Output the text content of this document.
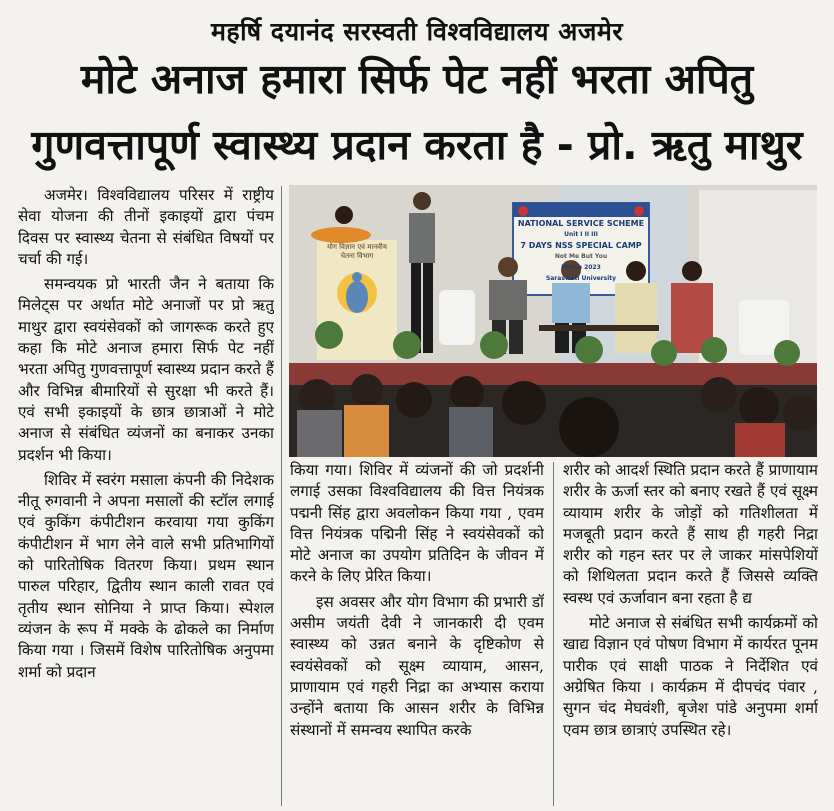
महर्षि दयानंद सरस्वती विश्वविद्यालय अजमेर
मोटे अनाज हमारा सिर्फ पेट नहीं भरता अपितु
गुणवत्तापूर्ण स्वास्थ्य प्रदान करता है - प्रो. ऋतु माथुर

अजमेर। विश्वविद्यालय परिसर में राष्ट्रीय सेवा योजना की तीनों इकाइयों द्वारा पंचम दिवस पर स्वास्थ्य चेतना से संबंधित विषयों पर चर्चा की गई।

समन्वयक प्रो भारती जैन ने बताया कि मिलेट्स पर अर्थात मोटे अनाजों पर प्रो ऋतु माथुर द्वारा स्वयंसेवकों को जागरूक करते हुए कहा कि मोटे अनाज हमारा सिर्फ पेट नहीं भरता अपितु गुणवत्तापूर्ण स्वास्थ्य प्रदान करते हैं और विभिन्न बीमारियों से सुरक्षा भी करते हैं। एवं सभी इकाइयों के छात्र छात्राओं ने मोटे अनाज से संबंधित व्यंजनों का बनाकर उनका प्रदर्शन भी किया।

शिविर में स्वरंग मसाला कंपनी की निदेशक नीतू रुगवानी ने अपना मसालों की स्टॉल लगाई एवं कुकिंग कंपीटीशन करवाया गया कुकिंग कंपीटीशन में भाग लेने वाले सभी प्रतिभागियों को पारितोषिक वितरण किया। प्रथम स्थान पारुल परिहार, द्वितीय स्थान काली रावत एवं तृतीय स्थान सोनिया ने प्राप्त किया। स्पेशल व्यंजन के रूप में मक्के के ढोकले का निर्माण किया गया । जिसमें विशेष पारितोषिक अनुपमा शर्मा को प्रदान

NATIONAL SERVICE SCHEME
Unit I II III
7 DAYS NSS SPECIAL CAMP
Not Me But You
March 2023
Saraswati University
योग विज्ञान एवं मानवीय चेतना विभाग

किया गया। शिविर में व्यंजनों की जो प्रदर्शनी लगाई उसका विश्वविद्यालय की वित्त नियंत्रक पद्मनी सिंह द्वारा अवलोकन किया गया , एवम वित्त नियंत्रक पद्मिनी सिंह ने स्वयंसेवकों को मोटे अनाज का उपयोग प्रतिदिन के जीवन में करने के लिए प्रेरित किया।

इस अवसर और योग विभाग की प्रभारी डॉ असीम जयंती देवी ने जानकारी दी एवम स्वास्थ्य को उन्नत बनाने के दृष्टिकोण से स्वयंसेवकों को सूक्ष्म व्यायाम, आसन, प्राणायाम एवं गहरी निद्रा का अभ्यास कराया उन्होंने बताया कि आसन शरीर के विभिन्न संस्थानों में समन्वय स्थापित करके

शरीर को आदर्श स्थिति प्रदान करते हैं प्राणायाम शरीर के ऊर्जा स्तर को बनाए रखते हैं एवं सूक्ष्म व्यायाम शरीर के जोड़ों को गतिशीलता में मजबूती प्रदान करते हैं साथ ही गहरी निद्रा शरीर को गहन स्तर पर ले जाकर मांसपेशियों को शिथिलता प्रदान करते हैं जिससे व्यक्ति स्वस्थ एवं ऊर्जावान बना रहता है द्य

मोटे अनाज से संबंधित सभी कार्यक्रमों को खाद्य विज्ञान एवं पोषण विभाग में कार्यरत पूनम पारीक एवं साक्षी पाठक ने निर्देशित एवं अग्रेषित किया । कार्यक्रम में दीपचंद पंवार , सुगन चंद मेघवंशी, बृजेश पांडे अनुपमा शर्मा एवम छात्र छात्राएं उपस्थित रहे।
